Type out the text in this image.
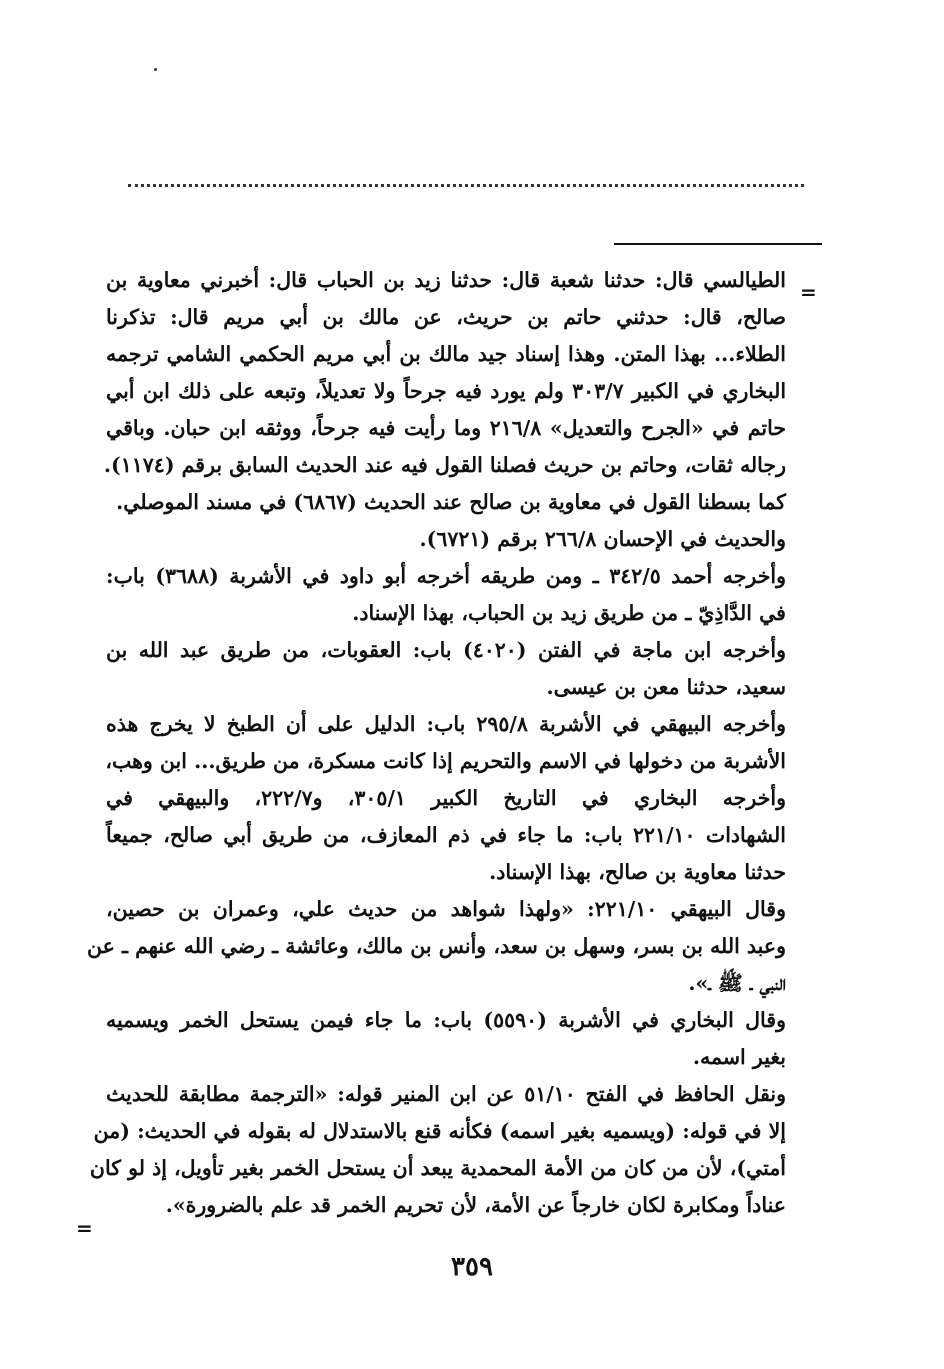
=
الطيالسي قال: حدثنا شعبة قال: حدثنا زيد بن الحباب قال: أخبرني معاوية بن
صالح، قال: حدثني حاتم بن حريث، عن مالك بن أبي مريم قال: تذكرنا
الطلاء... بهذا المتن. وهذا إسناد جيد مالك بن أبي مريم الحكمي الشامي ترجمه
البخاري في الكبير ٣٠٣/٧ ولم يورد فيه جرحاً ولا تعديلاً، وتبعه على ذلك ابن أبي
حاتم في «الجرح والتعديل» ٢١٦/٨ وما رأيت فيه جرحاً، ووثقه ابن حبان. وباقي
رجاله ثقات، وحاتم بن حريث فصلنا القول فيه عند الحديث السابق برقم (١١٧٤).
كما بسطنا القول في معاوية بن صالح عند الحديث (٦٨٦٧) في مسند الموصلي.
والحديث في الإحسان ٢٦٦/٨ برقم (٦٧٢١).
وأخرجه أحمد ٣٤٢/٥ ـ ومن طريقه أخرجه أبو داود في الأشربة (٣٦٨٨) باب:
في الدَّاذِيّ ـ من طريق زيد بن الحباب، بهذا الإسناد.
وأخرجه ابن ماجة في الفتن (٤٠٢٠) باب: العقوبات، من طريق عبد الله بن
سعيد، حدثنا معن بن عيسى.
وأخرجه البيهقي في الأشربة ٢٩٥/٨ باب: الدليل على أن الطبخ لا يخرج هذه
الأشربة من دخولها في الاسم والتحريم إذا كانت مسكرة، من طريق... ابن وهب،
وأخرجه البخاري في التاريخ الكبير ٣٠٥/١، و٢٢٢/٧، والبيهقي في
الشهادات ٢٢١/١٠ باب: ما جاء في ذم المعازف، من طريق أبي صالح، جميعاً
حدثنا معاوية بن صالح، بهذا الإسناد.
وقال البيهقي ٢٢١/١٠: «ولهذا شواهد من حديث علي، وعمران بن حصين،
وعبد الله بن بسر، وسهل بن سعد، وأنس بن مالك، وعائشة ـ رضي الله عنهم ـ عن
النبي ـ ﷺ ـ».
وقال البخاري في الأشربة (٥٥٩٠) باب: ما جاء فيمن يستحل الخمر ويسميه
بغير اسمه.
ونقل الحافظ في الفتح ٥١/١٠ عن ابن المنير قوله: «الترجمة مطابقة للحديث
إلا في قوله: (ويسميه بغير اسمه) فكأنه قنع بالاستدلال له بقوله في الحديث: (من
أمتي)، لأن من كان من الأمة المحمدية يبعد أن يستحل الخمر بغير تأويل، إذ لو كان
عناداً ومكابرة لكان خارجاً عن الأمة، لأن تحريم الخمر قد علم بالضرورة».
=
٣٥٩
